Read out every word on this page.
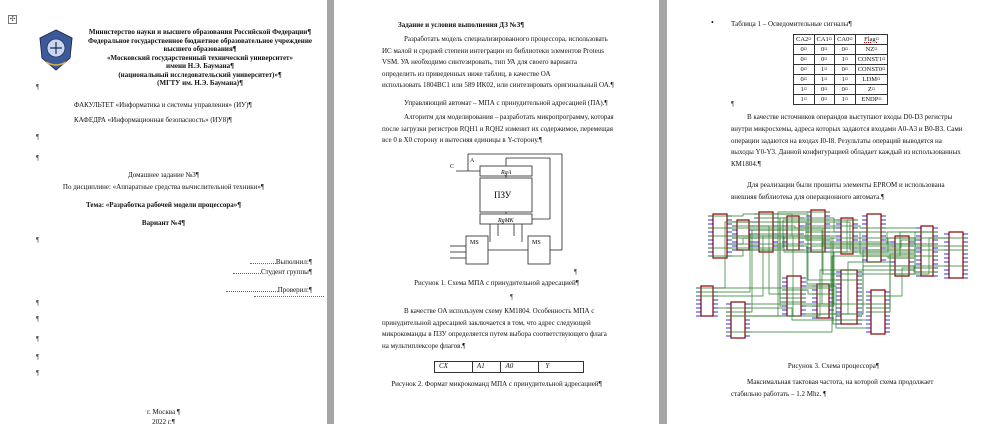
✣
Министерство науки и высшего образования Российской Федерации¶
Федеральное государственное бюджетное образовательное учреждение
высшего образования¶
«Московский государственный технический университет»
имени Н.Э. Баумана¶
(национальный исследовательский университет)»¶
(МГТУ им. Н.Э. Баумана)¶
¶
ФАКУЛЬТЕТ «Информатика и системы управления» (ИУ)¶
КАФЕДРА «Информационная безопасность» (ИУ8)¶
¶
¶
Домашнее задание №3¶
По дисциплине: «Аппаратные средства вычислительной техники»¶
Тема: «Разработка рабочей модели процессора»¶
Вариант №4¶
¶
Выполнил:¶
Студент группы¶
Проверил:¶
¶
¶
¶
¶
¶
г. Москва ¶
2022 г.¶
Задание и условия выполнения ДЗ №3¶
Разработать модель специализированного процессора, использовать
ИС малой и средней степени интеграции из библиотеки элементов Proteus
VSM. УА необходимо синтезировать, тип УА для своего варианта
определить из приведенных ниже таблиц, в качестве ОА
использовать 1804ВС1 или 589 ИК02, или синтезировать оригинальный ОА.¶
Управляющий автомат – МПА с принудительной адресацией (ПА).¶
Алгоритм для моделирования – разработать микропрограмму, которая
после загрузки регистров RQH1 и RQH2 изменит их содержимое, перемещая
все 0 в X0 сторону и вытесняя единицы в Y-сторону.¶
C
A
RgA
ПЗУ
RgMK
MS	MS
¶
Рисунок 1. Схема МПА с принудительной адресацией¶
¶
В качестве ОА используем схему КМ1804. Особенность МПА с
принудительной адресацией заключается в том, что адрес следующей
микрокоманды в ПЗУ определяется путем выбора соответствующего флага
на мультиплексоре флагов.¶
CX	A1	A0	Y
Рисунок 2. Формат микрокоманд МПА с принудительной адресацией¶
• Таблица 1 – Осведомительные сигналы¶
CA2¤	CA1¤	CA0¤	Flag¤
0¤	0¤	0¤	NZ¤
0¤	0¤	1¤	CONST1¤
0¤	1¤	0¤	CONST0¤
0¤	1¤	1¤	LDM¤
1¤	0¤	0¤	Z¤
1¤	0¤	1¤	ENDP¤
¶
В качестве источников операндов выступают входы D0-D3 регистры
внутри микросхемы, адреса которых задаются входами A0-A3 и B0-B3. Сами
операции задаются на входах I0-I8. Результаты операций выводятся на
выходы Y0-Y3. Данной конфигурацией обладает каждый из использованных
КМ1804.¶
Для реализации были прошиты элементы EPROM и использована
внешняя библиотека для операционного автомата.¶
Рисунок 3. Схема процессора¶
Максимальная тактовая частота, на которой схема продолжает
стабильно работать – 1.2 Mhz. ¶
